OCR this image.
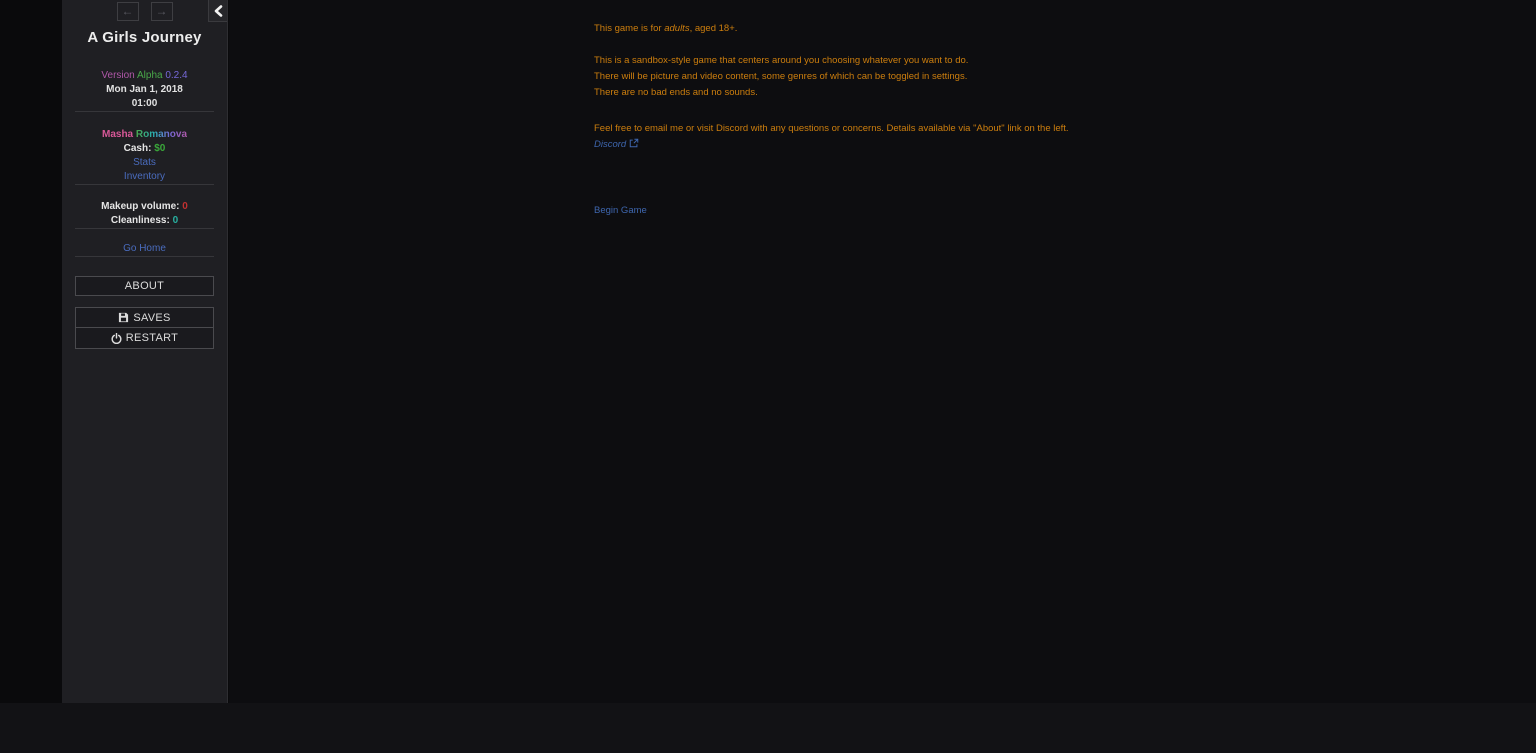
←	→
A Girls Journey
Version Alpha 0.2.4
Mon Jan 1, 2018
01:00
Masha Romanova
Cash: $0
Stats
Inventory
Makeup volume: 0
Cleanliness: 0
Go Home
ABOUT
SAVES
RESTART

This game is for adults, aged 18+.

This is a sandbox-style game that centers around you choosing whatever you want to do.
There will be picture and video content, some genres of which can be toggled in settings.
There are no bad ends and no sounds.

Feel free to email me or visit Discord with any questions or concerns. Details available via "About" link on the left.
Discord

Begin Game
